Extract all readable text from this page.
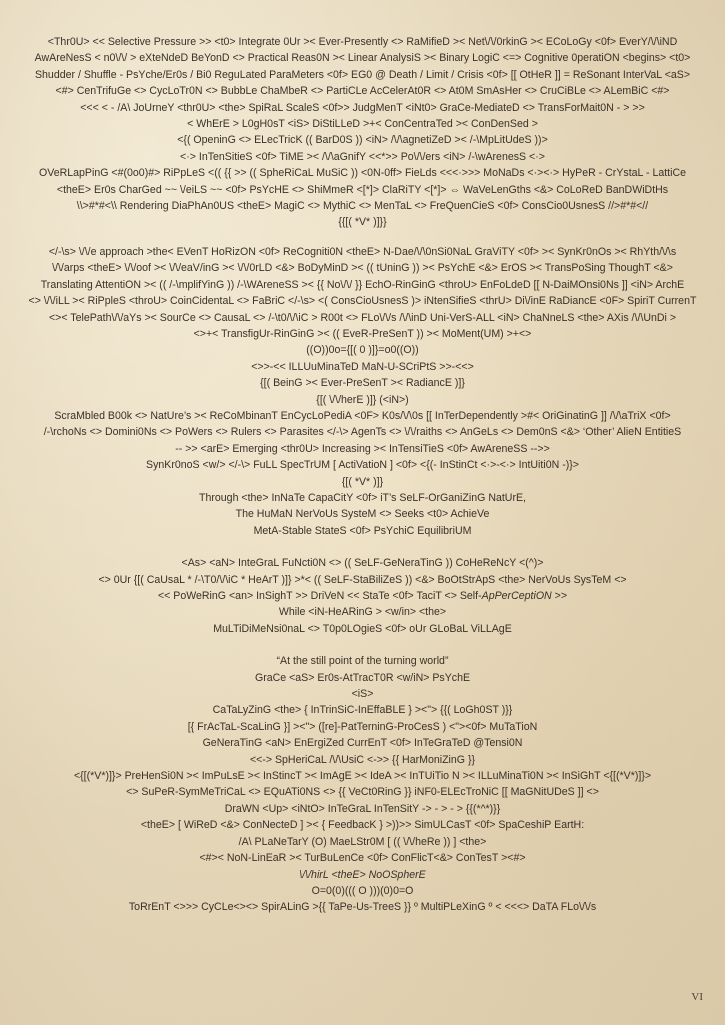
<Thr0U> << Selective Pressure >> <t0> Integrate 0Ur >< Ever-Presently <> RaMifieD >< Net\/\/0rkinG >< ECoLoGy <0f> EverY/\/\iND
AwAreNesS < n0\/\/ > eXteNdeD BeYonD <> Practical Reas0N >< Linear AnalysiS >< Binary LogiC <=> Cognitive 0peratiON <begins> <t0>
Shudder / Shuffle - PsYche/Er0s / Bi0 ReguLated ParaMeters <0f> EG0 @ Death / Limit / Crisis <0f> [[ OtHeR ]] = ReSonant InterVaL <aS>
<#> CenTrifuGe <> CycLoTr0N <> BubbLe ChaMbeR <> PartiCLe AcCelerAt0R <> At0M SmAsHer <> CruCiBLe <> ALemBiC <#>
<<< < - /A\ JoUrneY <thr0U> <the> SpiRaL ScaleS <0f>> JudgMenT <iNt0> GraCe-MediateD <> TransForMait0N - > >>
< WhErE > L0gH0sT <iS> DiStiLLeD >+< ConCentraTed >< ConDenSed >
<{( OpeninG <> ELecTricK (( BarD0S )) <iN> /\/\agnetiZeD >< /-\MpLitUdeS ))>
<·> InTenSitieS <0f> TiME >< /\/\aGnifY <<*>> Po\/\/ers <iN> /-\wArenesS <·>
OVeRLapPinG <#(0o0)#> RiPpLeS <(( {{ >> (( SpheRiCaL MuSiC )) <0N-0ff> FieLds <<<·>>> MoNaDs <·><·> HyPeR - CrYstaL - LattiCe
<theE> Er0s CharGed ~~ \/eiLS ~~ <0f> PsYcHE <> ShiMmeR <[*]> ClaRiTY <[*]> ⇔ WaVeLenGths <&> CoLoReD BanDWiDtHs
\\>#*#<\\ Rendering DiaPhAn0US <theE> MagiC <> MythiC <> MenTaL <> FreQuenCieS <0f> ConsCio0UsnesS //>#*#<//
{{[( *V* )]}}
</-\s> \/\/e approach >the< EVenT HoRizON <0f> ReCogniti0N <theE> N-Dae/\/\0nSi0NaL GraViTY <0f> >< SynKr0nOs >< RhYth/\/\s
\/\/arps <theE> \/\/oof >< \/\/eaV/inG >< \/\/0rLD <&> BoDyMinD >< (( tUninG )) >< PsYchE <&> ErOS >< TransPoSing ThoughT <&>
Translating AttentiON >< (( /-\mplifYinG )) /-\WAreneSS >< {{ No\/\/ }} EchO-RinGinG <throU> EnFoLdeD [[ N-DaiMOnsi0Ns ]] <iN> ArchE
<> \/\/iLL >< RiPpleS <throU> CoinCidentaL <> FaBriC </-\s> <( ConsCioUsnesS )> iNtenSifieS <thrU> Di\/inE RaDiancE <0F> SpiriT CurrenT
<>< TelePath\/\/aYs >< SourCe <> CausaL <> /-\t0/\/\iC > R00t <> FLo\/\/s /\/\inD Uni-VerS-ALL <iN> ChaNneLS <the> AXis /\/\UnDi >
<>+< TransfigUr-RinGinG >< (( EveR-PreSenT )) >< MoMent(UM) >+<>
((O))0o={[( 0 )]}=o0((O))
<>>-<< ILLUuMinaTeD MaN-U-SCriPtS >>-<<>
{[( BeinG >< Ever-PreSenT >< RadiancE )]}
{[( \/\/herE )]} (<iN>)
ScraMbled B00k <> NatUre’s >< ReCoMbinanT EnCycLoPediA <0F> K0s/\/\0s [[ InTerDependently >#< OriGinatinG ]] /\/\aTriX <0f>
/-\rchoNs <> Domini0Ns <> PoWers <> Rulers <> Parasites </-\> AgenTs <> \/\/raiths <> AnGeLs <> Dem0nS <&> ‘Other’ AlieN EntitieS
-- >> <arE> Emerging <thr0U> Increasing >< InTensiTieS <0f> AwAreneSS -->>
SynKr0noS <w/> </-\> FuLL SpecTrUM [ ActiVatioN ] <0f> <{(- InStinCt <·>-<·> IntUiti0N -)}>
{[( *V* )]}
Through <the> InNaTe CapaCitY <0f> iT’s SeLF-OrGaniZinG NatUrE,
The HuMaN NerVoUs SysteM <> Seeks <t0> AchieVe
MetA-Stable StateS <0f> PsYchiC EquilibriUM
<As> <aN> InteGraL FuNcti0N <> (( SeLF-GeNeraTinG )) CoHeReNcY <(^)>
<> 0Ur {[( CaUsaL * /-\T0/\/\iC * HeArT )]} >*< (( SeLF-StaBiliZeS )) <&> BoOtStrApS <the> NerVoUs SysTeM <>
<< PoWeRinG <an> InSighT >> DriVeN << StaTe <0f> TaciT <> Self-ApPerCeptiON >>
While <iN-HeARinG > <w/in> <the>
MuLTiDiMeNsi0naL <> T0p0LOgieS <0f> oUr GLoBaL ViLLAgE
“At the still point of the turning world”
GraCe <aS> Er0s-AtTracT0R <w/iN> PsYchE
<iS>
CaTaLyZinG <the> { InTrinSiC-InEffaBLE } ><"> {{( LoGh0ST )}}
[{ FrAcTaL-ScaLinG }] ><"> ([re]-PatTerninG-ProCesS ) <"><0f> MuTaTioN
GeNeraTinG <aN> EnErgiZed CurrEnT <0f> InTeGraTeD @Tensi0N
<<-> SpHeriCaL /\/\UsiC <->> {{ HarMoniZinG }}
<{[(*V*)]}> PreHenSi0N >< ImPuLsE >< InStincT >< ImAgE >< IdeA >< InTUiTio N >< ILLuMinaTi0N >< InSiGhT <{[(*V*)]}>
<> SuPeR-SymMeTriCaL <> EQuATi0NS <> {{ VeCt0RinG }} iNF0-ELEcTroNiC [[ MaGNitUDeS ]] <>
DraWN <Up> <iNtO> InTeGraL InTenSitY -> - > - > {{(*^*)}}
<theE> [ WiReD <&> ConNecteD ] >< { FeedbacK } >))>> SimULCasT <0f> SpaCeshiP EartH:
/A\ PLaNeTarY (O) MaeLStr0M [ (( \/\/heRe )) ] <the>
<#>< NoN-LinEaR >< TurBuLenCe <0f> ConFlicT<&> ConTesT ><#>
\/\/hirL <theE> NoOSpherE
O=0(0)((( O )))(0)0=O
ToRrEnT <>>> CyCLe<><> SpirALinG >{{ TaPe-Us-TreeS }} º MultiPLeXinG º < <<<> DaTA FLo\/\/s
VI
